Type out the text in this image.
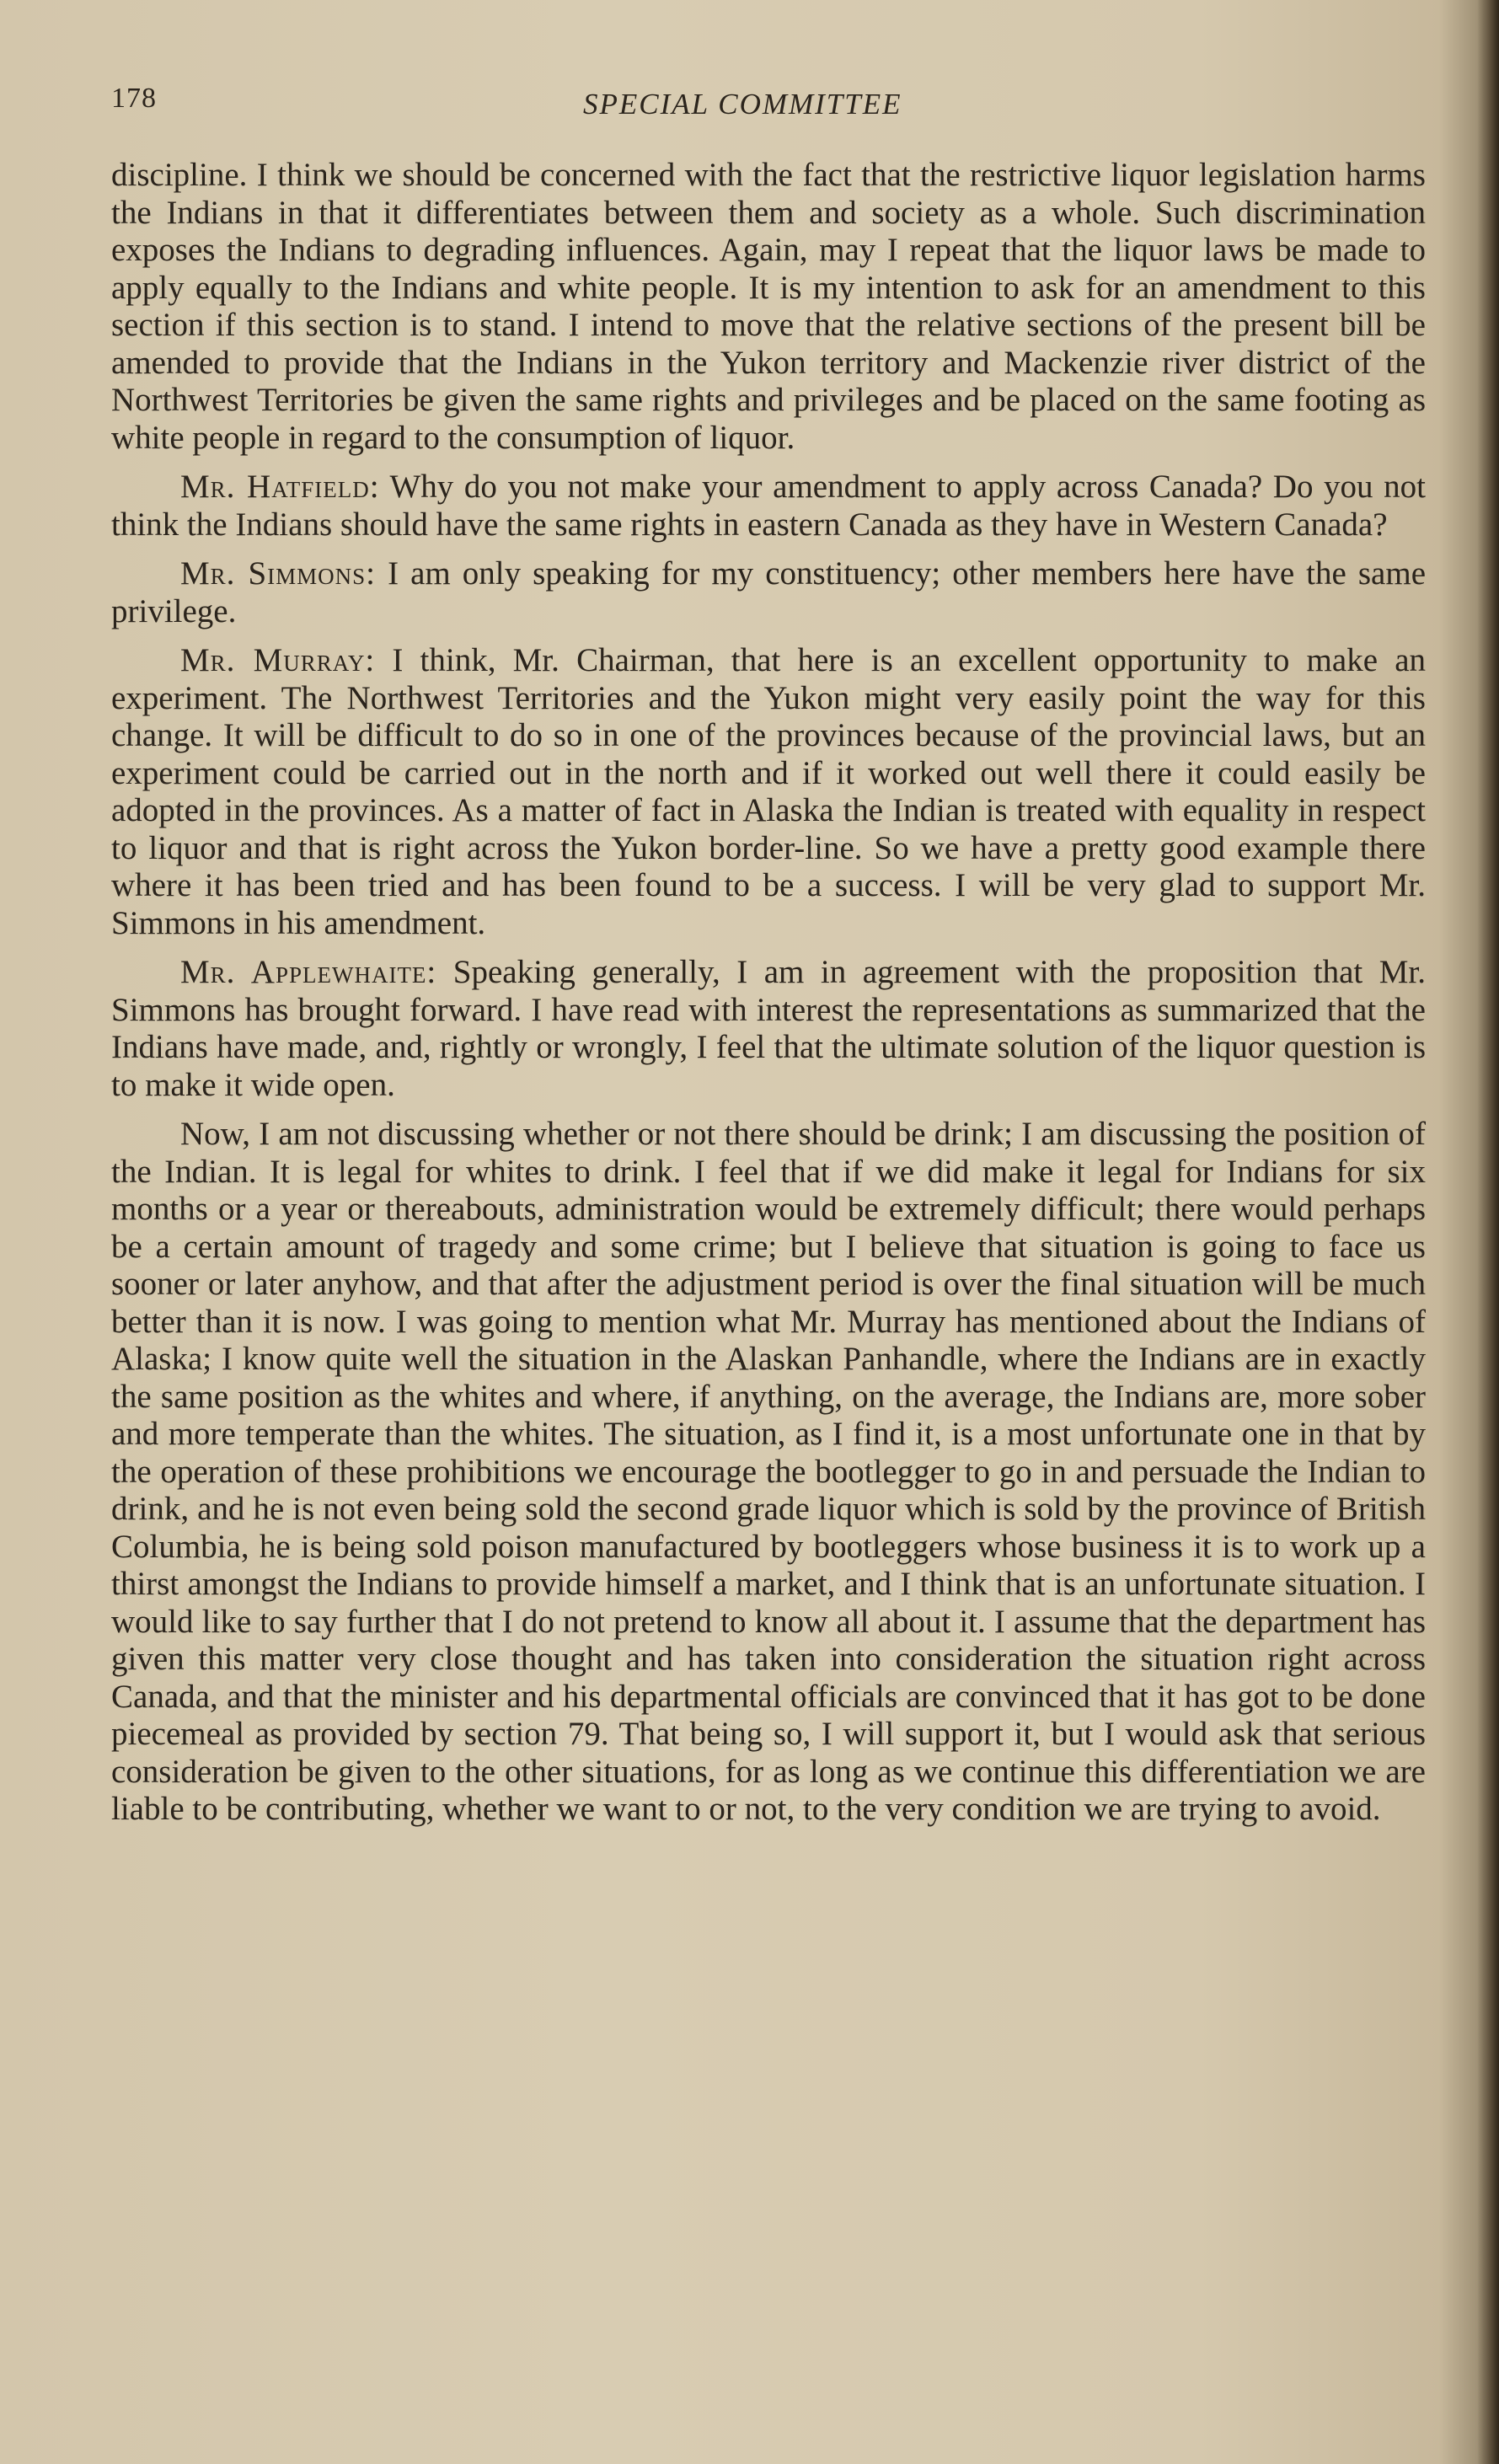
178	SPECIAL COMMITTEE

discipline. I think we should be concerned with the fact that the restrictive liquor legislation harms the Indians in that it differentiates between them and society as a whole. Such discrimination exposes the Indians to degrading influences. Again, may I repeat that the liquor laws be made to apply equally to the Indians and white people. It is my intention to ask for an amendment to this section if this section is to stand. I intend to move that the relative sections of the present bill be amended to provide that the Indians in the Yukon territory and Mackenzie river district of the Northwest Territories be given the same rights and privileges and be placed on the same footing as white people in regard to the consumption of liquor.

Mr. Hatfield: Why do you not make your amendment to apply across Canada? Do you not think the Indians should have the same rights in eastern Canada as they have in Western Canada?

Mr. Simmons: I am only speaking for my constituency; other members here have the same privilege.

Mr. Murray: I think, Mr. Chairman, that here is an excellent opportunity to make an experiment. The Northwest Territories and the Yukon might very easily point the way for this change. It will be difficult to do so in one of the provinces because of the provincial laws, but an experiment could be carried out in the north and if it worked out well there it could easily be adopted in the provinces. As a matter of fact in Alaska the Indian is treated with equality in respect to liquor and that is right across the Yukon border-line. So we have a pretty good example there where it has been tried and has been found to be a success. I will be very glad to support Mr. Simmons in his amendment.

Mr. Applewhaite: Speaking generally, I am in agreement with the proposition that Mr. Simmons has brought forward. I have read with interest the representations as summarized that the Indians have made, and, rightly or wrongly, I feel that the ultimate solution of the liquor question is to make it wide open.

Now, I am not discussing whether or not there should be drink; I am discussing the position of the Indian. It is legal for whites to drink. I feel that if we did make it legal for Indians for six months or a year or thereabouts, administration would be extremely difficult; there would perhaps be a certain amount of tragedy and some crime; but I believe that situation is going to face us sooner or later anyhow, and that after the adjustment period is over the final situation will be much better than it is now. I was going to mention what Mr. Murray has mentioned about the Indians of Alaska; I know quite well the situation in the Alaskan Panhandle, where the Indians are in exactly the same position as the whites and where, if anything, on the average, the Indians are, more sober and more temperate than the whites. The situation, as I find it, is a most unfortunate one in that by the operation of these prohibitions we encourage the bootlegger to go in and persuade the Indian to drink, and he is not even being sold the second grade liquor which is sold by the province of British Columbia, he is being sold poison manufactured by bootleggers whose business it is to work up a thirst amongst the Indians to provide himself a market, and I think that is an unfortunate situation. I would like to say further that I do not pretend to know all about it. I assume that the department has given this matter very close thought and has taken into consideration the situation right across Canada, and that the minister and his departmental officials are convinced that it has got to be done piecemeal as provided by section 79. That being so, I will support it, but I would ask that serious consideration be given to the other situations, for as long as we continue this differentiation we are liable to be contributing, whether we want to or not, to the very condition we are trying to avoid.
